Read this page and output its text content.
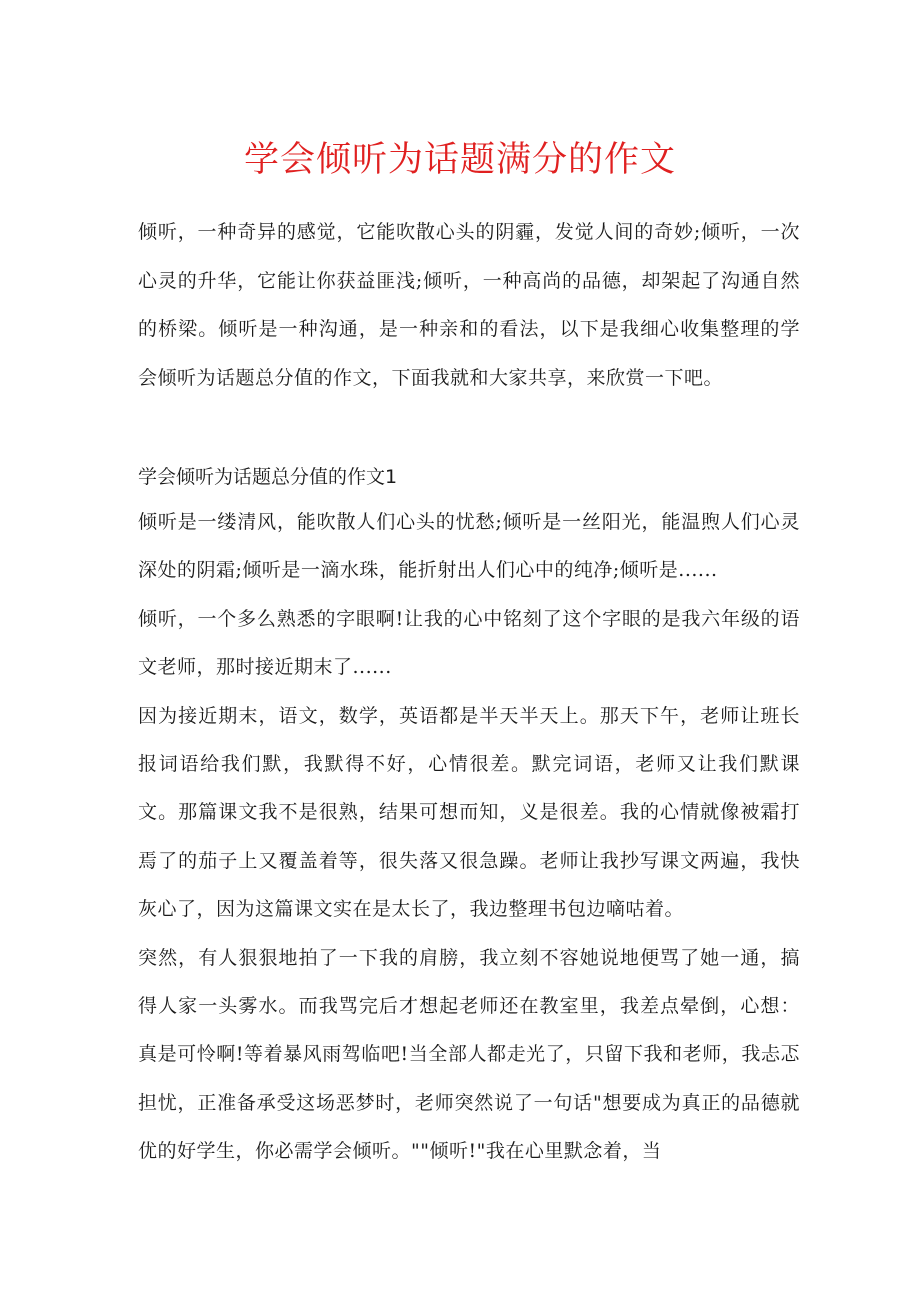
学会倾听为话题满分的作文

倾听，一种奇异的感觉，它能吹散心头的阴霾，发觉人间的奇妙;倾听，一次心灵的升华，它能让你获益匪浅;倾听，一种高尚的品德，却架起了沟通自然的桥梁。倾听是一种沟通，是一种亲和的看法，以下是我细心收集整理的学会倾听为话题总分值的作文，下面我就和大家共享，来欣赏一下吧。

学会倾听为话题总分值的作文1

倾听是一缕清风，能吹散人们心头的忧愁;倾听是一丝阳光，能温煦人们心灵深处的阴霜;倾听是一滴水珠，能折射出人们心中的纯净;倾听是......

倾听，一个多么熟悉的字眼啊!让我的心中铭刻了这个字眼的是我六年级的语文老师，那时接近期末了......

因为接近期末，语文，数学，英语都是半天半天上。那天下午，老师让班长报词语给我们默，我默得不好，心情很差。默完词语，老师又让我们默课文。那篇课文我不是很熟，结果可想而知，义是很差。我的心情就像被霜打焉了的茄子上又覆盖着等，很失落又很急躁。老师让我抄写课文两遍，我快灰心了，因为这篇课文实在是太长了，我边整理书包边嘀咕着。

突然，有人狠狠地拍了一下我的肩膀，我立刻不容她说地便骂了她一通，搞得人家一头雾水。而我骂完后才想起老师还在教室里，我差点晕倒，心想：真是可怜啊!等着暴风雨驾临吧!当全部人都走光了，只留下我和老师，我忐忑担忧，正准备承受这场恶梦时，老师突然说了一句话"想要成为真正的品德就优的好学生，你必需学会倾听。""倾听!"我在心里默念着，当
